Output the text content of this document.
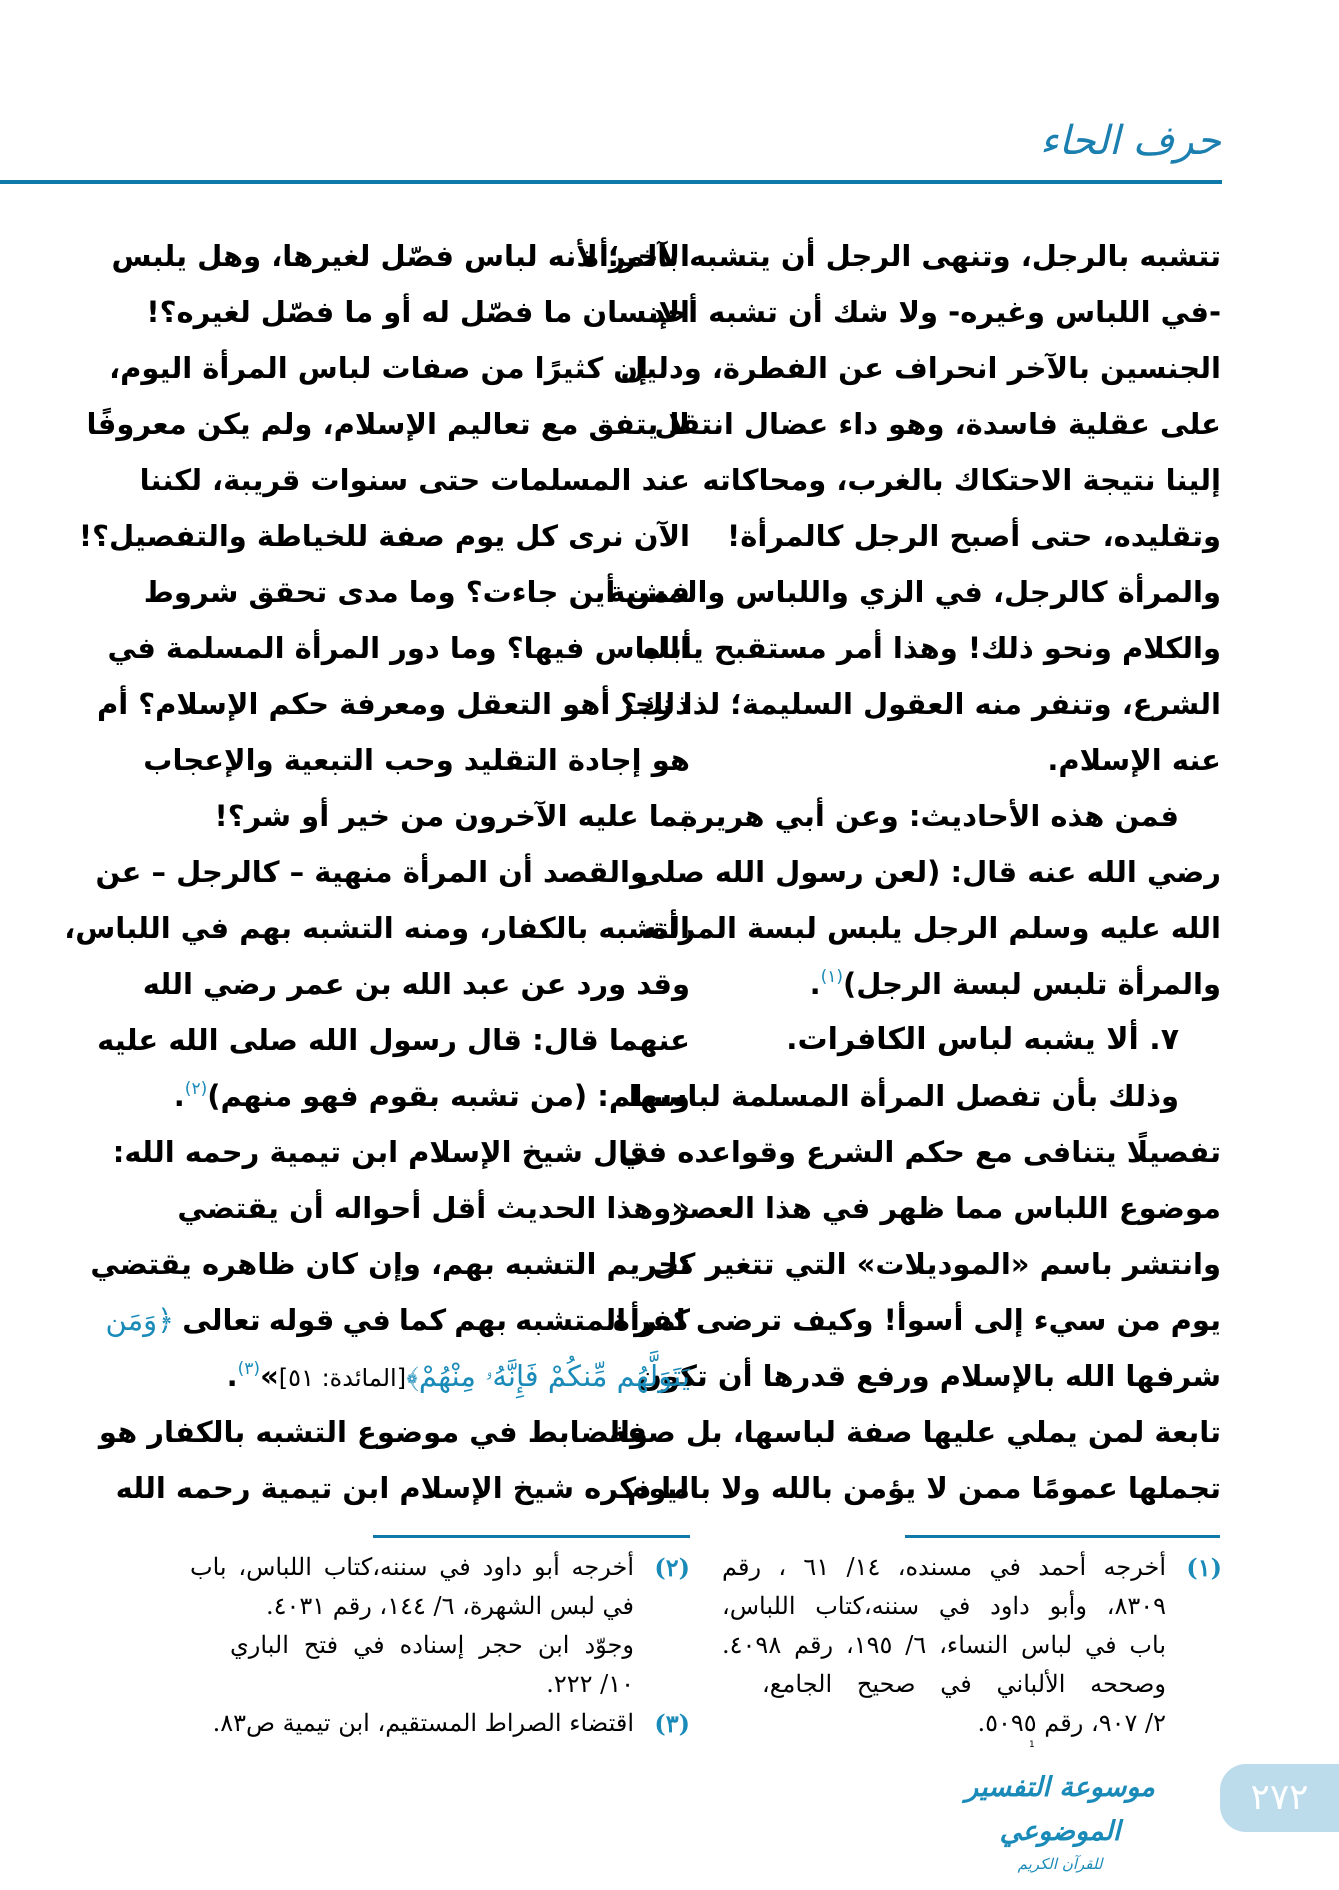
حرف الحاء
تتشبه بالرجل، وتنهى الرجل أن يتشبه بالمرأة
-في اللباس وغيره- ولا شك أن تشبه أحد
الجنسين بالآخر انحراف عن الفطرة، ودليل
على عقلية فاسدة، وهو داء عضال انتقل
إلينا نتيجة الاحتكاك بالغرب، ومحاكاته
وتقليده، حتى أصبح الرجل كالمرأة!
والمرأة كالرجل، في الزي واللباس والمشية
والكلام ونحو ذلك! وهذا أمر مستقبح يأباه
الشرع، وتنفر منه العقول السليمة؛ لذا زجر
عنه الإسلام.
فمن هذه الأحاديث: وعن أبي هريرة
رضي الله عنه قال: (لعن رسول الله صلى
الله عليه وسلم الرجل يلبس لبسة المرأة،
والمرأة تلبس لبسة الرجل)$^{(١)}$.
٧. ألا يشبه لباس الكافرات.
وذلك بأن تفصل المرأة المسلمة لباسها
تفصيلًا يتنافى مع حكم الشرع وقواعده في
موضوع اللباس مما ظهر في هذا العصر
وانتشر باسم «الموديلات» التي تتغير كل
يوم من سيء إلى أسوأ! وكيف ترضى امرأة
شرفها الله بالإسلام ورفع قدرها أن تكون
تابعة لمن يملي عليها صفة لباسها، بل صفة
تجملها عمومًا ممن لا يؤمن بالله ولا باليوم
الآخر؛ لأنه لباس فصّل لغيرها، وهل يلبس
الإنسان ما فصّل له أو ما فصّل لغيره؟!
إن كثيرًا من صفات لباس المرأة اليوم،
لا يتفق مع تعاليم الإسلام، ولم يكن معروفًا
عند المسلمات حتى سنوات قريبة، لكننا
الآن نرى كل يوم صفة للخياطة والتفصيل؟!
فمن أين جاءت؟ وما مدى تحقق شروط
اللباس فيها؟ وما دور المرأة المسلمة في
ذلك؟ أهو التعقل ومعرفة حكم الإسلام؟ أم
هو إجادة التقليد وحب التبعية والإعجاب
بما عليه الآخرون من خير أو شر؟!
والقصد أن المرأة منهية – كالرجل – عن
التشبه بالكفار، ومنه التشبه بهم في اللباس،
وقد ورد عن عبد الله بن عمر رضي الله
عنهما قال: قال رسول الله صلى الله عليه
وسلم: (من تشبه بقوم فهو منهم)$^{(٢)}$.
قال شيخ الإسلام ابن تيمية رحمه الله:
«وهذا الحديث أقل أحواله أن يقتضي
تحريم التشبه بهم، وإن كان ظاهره يقتضي
كفر المتشبه بهم كما في قوله تعالى ﴿وَمَن
يَتَوَلَّهُم مِّنكُمْ فَإِنَّهُۥ مِنْهُمْ﴾[المائدة: ٥١]»$^{(٣)}$.
والضابط في موضوع التشبه بالكفار هو
ما ذكره شيخ الإسلام ابن تيمية رحمه الله
(١)
أخرجه أحمد في مسنده، ١٤/ ٦١ ، رقم
٨٣٠٩، وأبو داود في سننه،كتاب اللباس،
باب في لباس النساء، ٦/ ١٩٥، رقم ٤٠٩٨.
وصححه الألباني في صحيح الجامع،
٢/ ٩٠٧، رقم ٥٠٩٥.
(٢)
أخرجه أبو داود في سننه،كتاب اللباس، باب
في لبس الشهرة، ٦/ ١٤٤، رقم ٤٠٣١.
وجوّد ابن حجر إسناده في فتح الباري
١٠/ ٢٢٢.
(٣)
اقتضاء الصراط المستقيم، ابن تيمية ص٨٣.
1
موسوعة التفسير الموضوعي
للقرآن الكريم
٢٧٢
